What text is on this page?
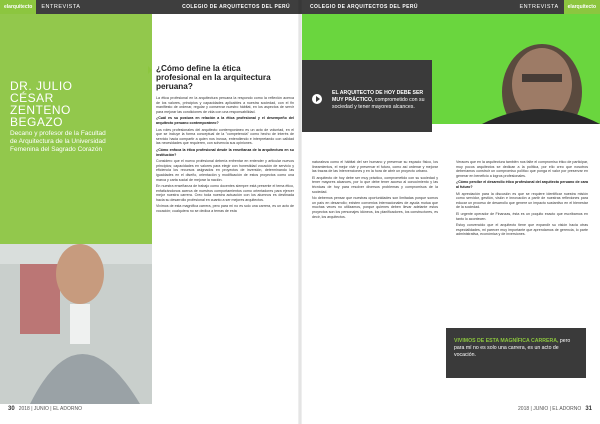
elarquitecto	ENTREVISTA	COLEGIO DE ARQUITECTOS DEL PERÚ	COLEGIO DE ARQUITECTOS DEL PERÚ	ENTREVISTA	elarquitecto
DR. JULIO
CÉSAR
ZENTENO
BEGAZO
Decano y profesor de la Facultad de Arquitectura de la Universidad Femenina del Sagrado Corazón
¿Cómo define la ética profesional en la arquitectura peruana?

La ética profesional en la arquitectura peruana la respondo como la reflexión acerca de los valores, principios y capacidades aplicables a nuestra sociedad, con el fin manifiesto de ordenar, regular y conservar nuestro hábitat, en los aspectos de servir para mejorar las condiciones de vida con una responsabilidad.

¿Cuál es su postura en relación a la ética profesional y el desempeño del arquitecto peruano contemporáneo?

Los roles profesionales del arquitecto contemporáneo es un acto de voluntad, en el que se incluye la forma conceptual de la "competencia" como hecho de interés de servicio hacia compartir a quien nos invoca, entendiendo e interpretando con calidad las necesidades que requieren, con solvencia sus opiniones.

¿Cómo enfoca la ética profesional desde la enseñanza de la arquitectura en su institución?

Considero que el nuevo profesional debería enfrentar en entender y articular nuevos principios; capacidades en valores para elegir con honestidad vocación de servicio y eficiencia los recursos asignados en proyectos de inversión, determinando las igualdades en el diseño, orientación y modificación de estos proyectos como una marca y carta social de mejorar la nación.

En nuestra enseñanza de trabajo como docentes siempre está presente el tema ético, enfatizándonos acerca de nuestros comportamientos como orientadores para ejercer mejor nuestra carrera. Creo toda nuestra actuación con los alumnos es destinada hacia su desarrollo profesional en cuanto a ser mejores arquitectos.

Vivimos de esta magnífica carrera, pero para mí no es solo una carrera, es un acto de vocación; cualquiera no se dedica a temas de esta

EL ARQUITECTO DE HOY DEBE SER MUY PRÁCTICO, comprometido con su sociedad y tener mayores alcances.

naturaleza como el hábitat del ser humano y preservar su espacio físico, los lineamientos, el mejor vivir y preservar el futuro, como así ordenar y mejorar las trazas de las intervenciones y en la hora de abrir un proyecto urbano.

El arquitecto de hoy debe ser muy práctico, comprometido con su sociedad y tener mayores alcances, por lo que debe tener acceso al conocimiento y las técnicas de hoy para resolver diversos problemas y compromisos de la sociedad.

No debemos pensar que nuestras oportunidades son limitadas porque somos un país en desarrollo; existen convenios internacionales de ayuda mutua que muchas veces no utilizamos, porque quienes deben llevar adelante estos proyectos son los personajes idóneos, los planificadores, los constructores, es decir, los arquitectos.

Veraces que en la arquitectura también nos falte el compromiso ético de participar, muy pocos arquitectos se dedican a la política, por ello creo que nosotros deberíamos construir un compromiso político que ponga el valor por preservar en generar en beneficio a logros profesionales.

¿Cómo percibe el desarrollo ético profesional del arquitecto peruano de cara al futuro?

Mi apreciación para la discusión es que se requiere identificar nuestra misión como servidor, gestión, visión e innovación a partir de nuestras reflexiones para educar un proceso de desarrollo que genere un impacto sustantivo en el bienestar de la sociedad.

El urgente operador de Finanzas, ésta es un poquito exacto que escribamos en tanto lo acontecen.

Estoy convencido que el arquitecto tiene que expandir su visión hacia otras especialidades, mi parecer muy importante que aprendamos de gerencia, lo parte administrativa, económica y de inversiones.

VIVIMOS DE ESTA MAGNÍFICA CARRERA, pero para mí no es solo una carrera, es un acto de vocación.
30 2018 | JUNIO | EL ADORNO	2018 | JUNIO | EL ADORNO 31
